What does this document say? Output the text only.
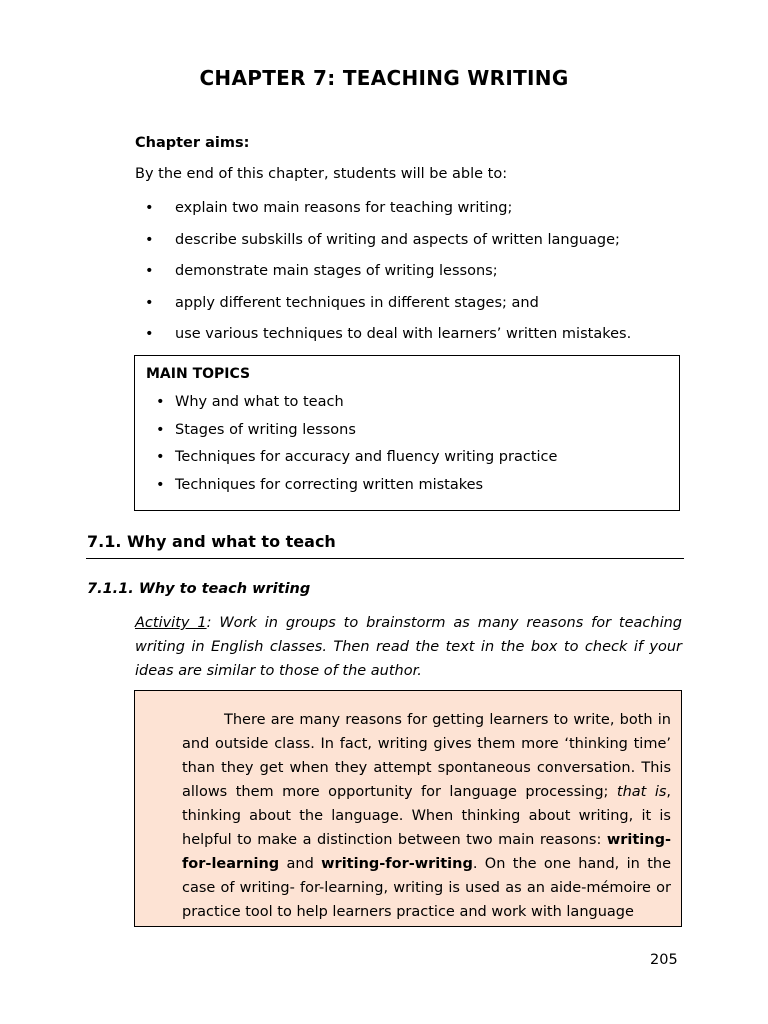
CHAPTER 7: TEACHING WRITING
Chapter aims:
By the end of this chapter, students will be able to:
• explain two main reasons for teaching writing;
• describe subskills of writing and aspects of written language;
• demonstrate main stages of writing lessons;
• apply different techniques in different stages; and
• use various techniques to deal with learners’ written mistakes.
MAIN TOPICS
• Why and what to teach
• Stages of writing lessons
• Techniques for accuracy and fluency writing practice
• Techniques for correcting written mistakes
7.1. Why and what to teach
7.1.1. Why to teach writing

Activity 1: Work in groups to brainstorm as many reasons for teaching writing in English classes. Then read the text in the box to check if your ideas are similar to those of the author.

There are many reasons for getting learners to write, both in and outside class. In fact, writing gives them more ‘thinking time’ than they get when they attempt spontaneous conversation. This allows them more opportunity for language processing; that is, thinking about the language. When thinking about writing, it is helpful to make a distinction between two main reasons: writing-for-learning and writing-for-writing. On the one hand, in the case of writing- for-learning, writing is used as an aide-mémoire or practice tool to help learners practice and work with language

205
